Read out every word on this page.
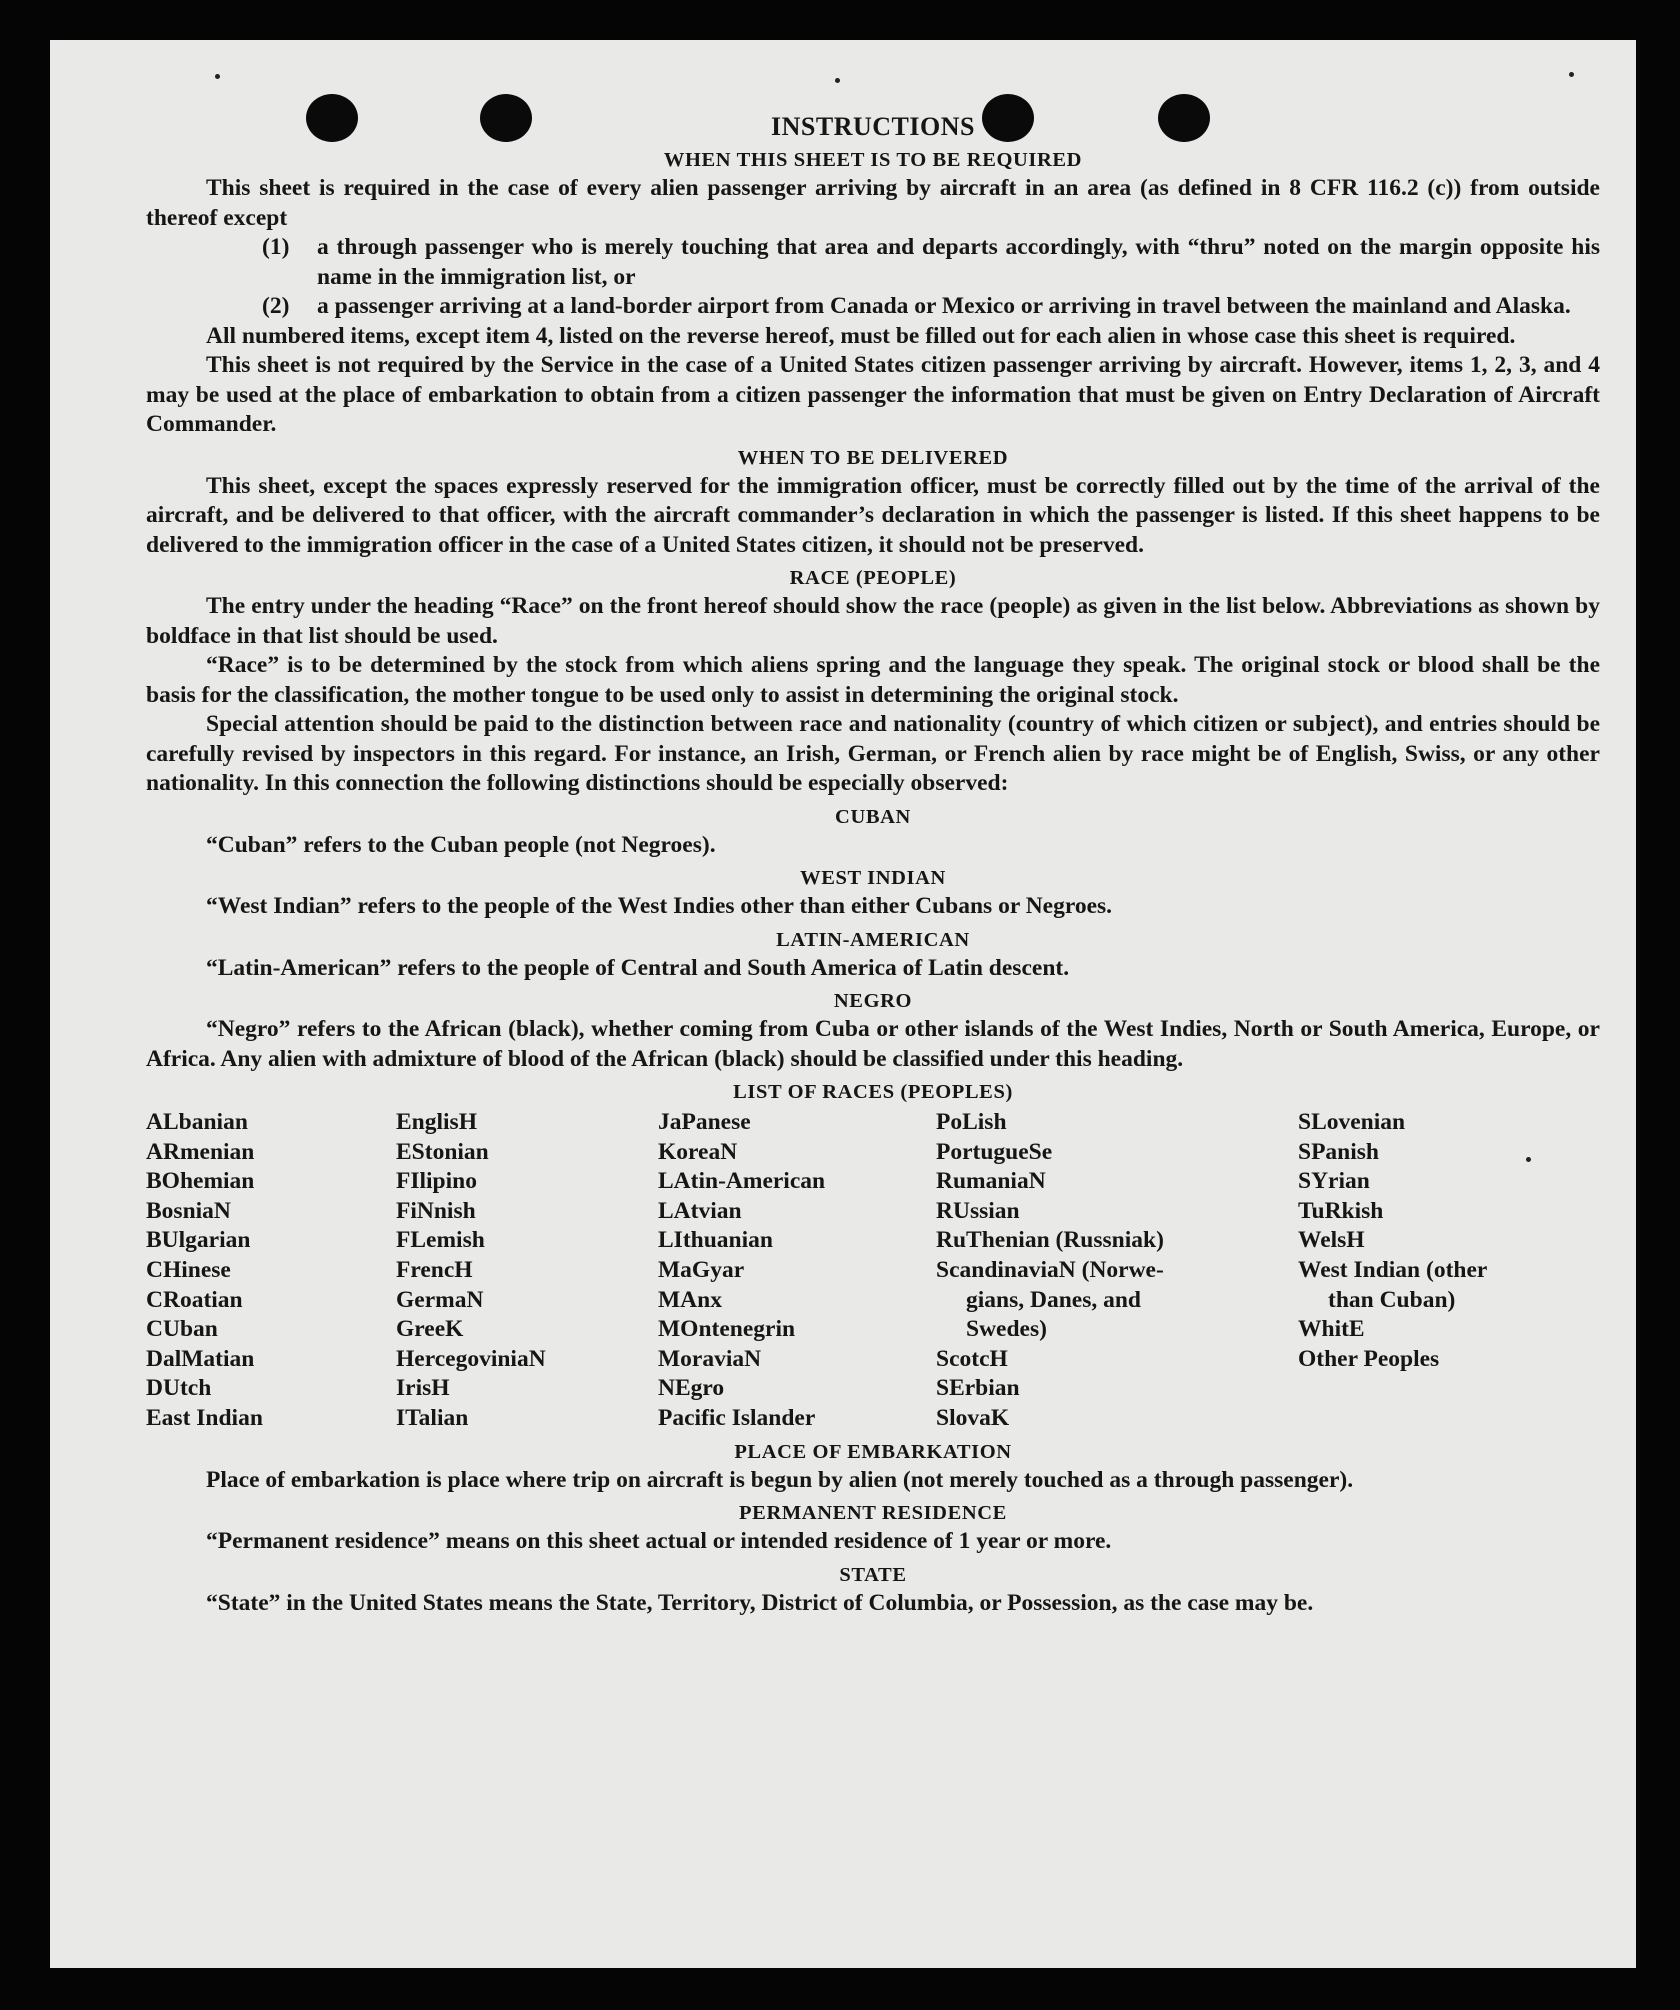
INSTRUCTIONS
WHEN THIS SHEET IS TO BE REQUIRED

This sheet is required in the case of every alien passenger arriving by aircraft in an area (as defined in 8 CFR 116.2 (c)) from outside thereof except

(1)	a through passenger who is merely touching that area and departs accordingly, with “thru” noted on the margin opposite his name in the immigration list, or
(2)	a passenger arriving at a land-border airport from Canada or Mexico or arriving in travel between the mainland and Alaska.

All numbered items, except item 4, listed on the reverse hereof, must be filled out for each alien in whose case this sheet is required.

This sheet is not required by the Service in the case of a United States citizen passenger arriving by aircraft. However, items 1, 2, 3, and 4 may be used at the place of embarkation to obtain from a citizen passenger the information that must be given on Entry Declaration of Aircraft Commander.

WHEN TO BE DELIVERED

This sheet, except the spaces expressly reserved for the immigration officer, must be correctly filled out by the time of the arrival of the aircraft, and be delivered to that officer, with the aircraft commander’s declaration in which the passenger is listed. If this sheet happens to be delivered to the immigration officer in the case of a United States citizen, it should not be preserved.

RACE (PEOPLE)

The entry under the heading “Race” on the front hereof should show the race (people) as given in the list below. Abbreviations as shown by boldface in that list should be used.

“Race” is to be determined by the stock from which aliens spring and the language they speak. The original stock or blood shall be the basis for the classification, the mother tongue to be used only to assist in determining the original stock.

Special attention should be paid to the distinction between race and nationality (country of which citizen or subject), and entries should be carefully revised by inspectors in this regard. For instance, an Irish, German, or French alien by race might be of English, Swiss, or any other nationality. In this connection the following distinctions should be especially observed:

CUBAN

“Cuban” refers to the Cuban people (not Negroes).

WEST INDIAN

“West Indian” refers to the people of the West Indies other than either Cubans or Negroes.

LATIN-AMERICAN

“Latin-American” refers to the people of Central and South America of Latin descent.

NEGRO

“Negro” refers to the African (black), whether coming from Cuba or other islands of the West Indies, North or South America, Europe, or Africa. Any alien with admixture of blood of the African (black) should be classified under this heading.

LIST OF RACES (PEOPLES)
ALbanian
ARmenian
BOhemian
BosniaN
BUlgarian
CHinese
CRoatian
CUban
DalMatian
DUtch
East Indian
EnglisH
EStonian
FIlipino
FiNnish
FLemish
FrencH
GermaN
GreeK
HercegoviniaN
IrisH
ITalian
JaPanese
KoreaN
LAtin-American
LAtvian
LIthuanian
MaGyar
MAnx
MOntenegrin
MoraviaN
NEgro
Pacific Islander
PoLish
PortugueSe
RumaniaN
RUssian
RuThenian (Russniak)
ScandinaviaN (Norwe-
gians, Danes, and
Swedes)
ScotcH
SErbian
SlovaK
SLovenian
SPanish
SYrian
TuRkish
WelsH
West Indian (other
than Cuban)
WhitE
Other Peoples
PLACE OF EMBARKATION

Place of embarkation is place where trip on aircraft is begun by alien (not merely touched as a through passenger).

PERMANENT RESIDENCE

“Permanent residence” means on this sheet actual or intended residence of 1 year or more.

STATE

“State” in the United States means the State, Territory, District of Columbia, or Possession, as the case may be.
